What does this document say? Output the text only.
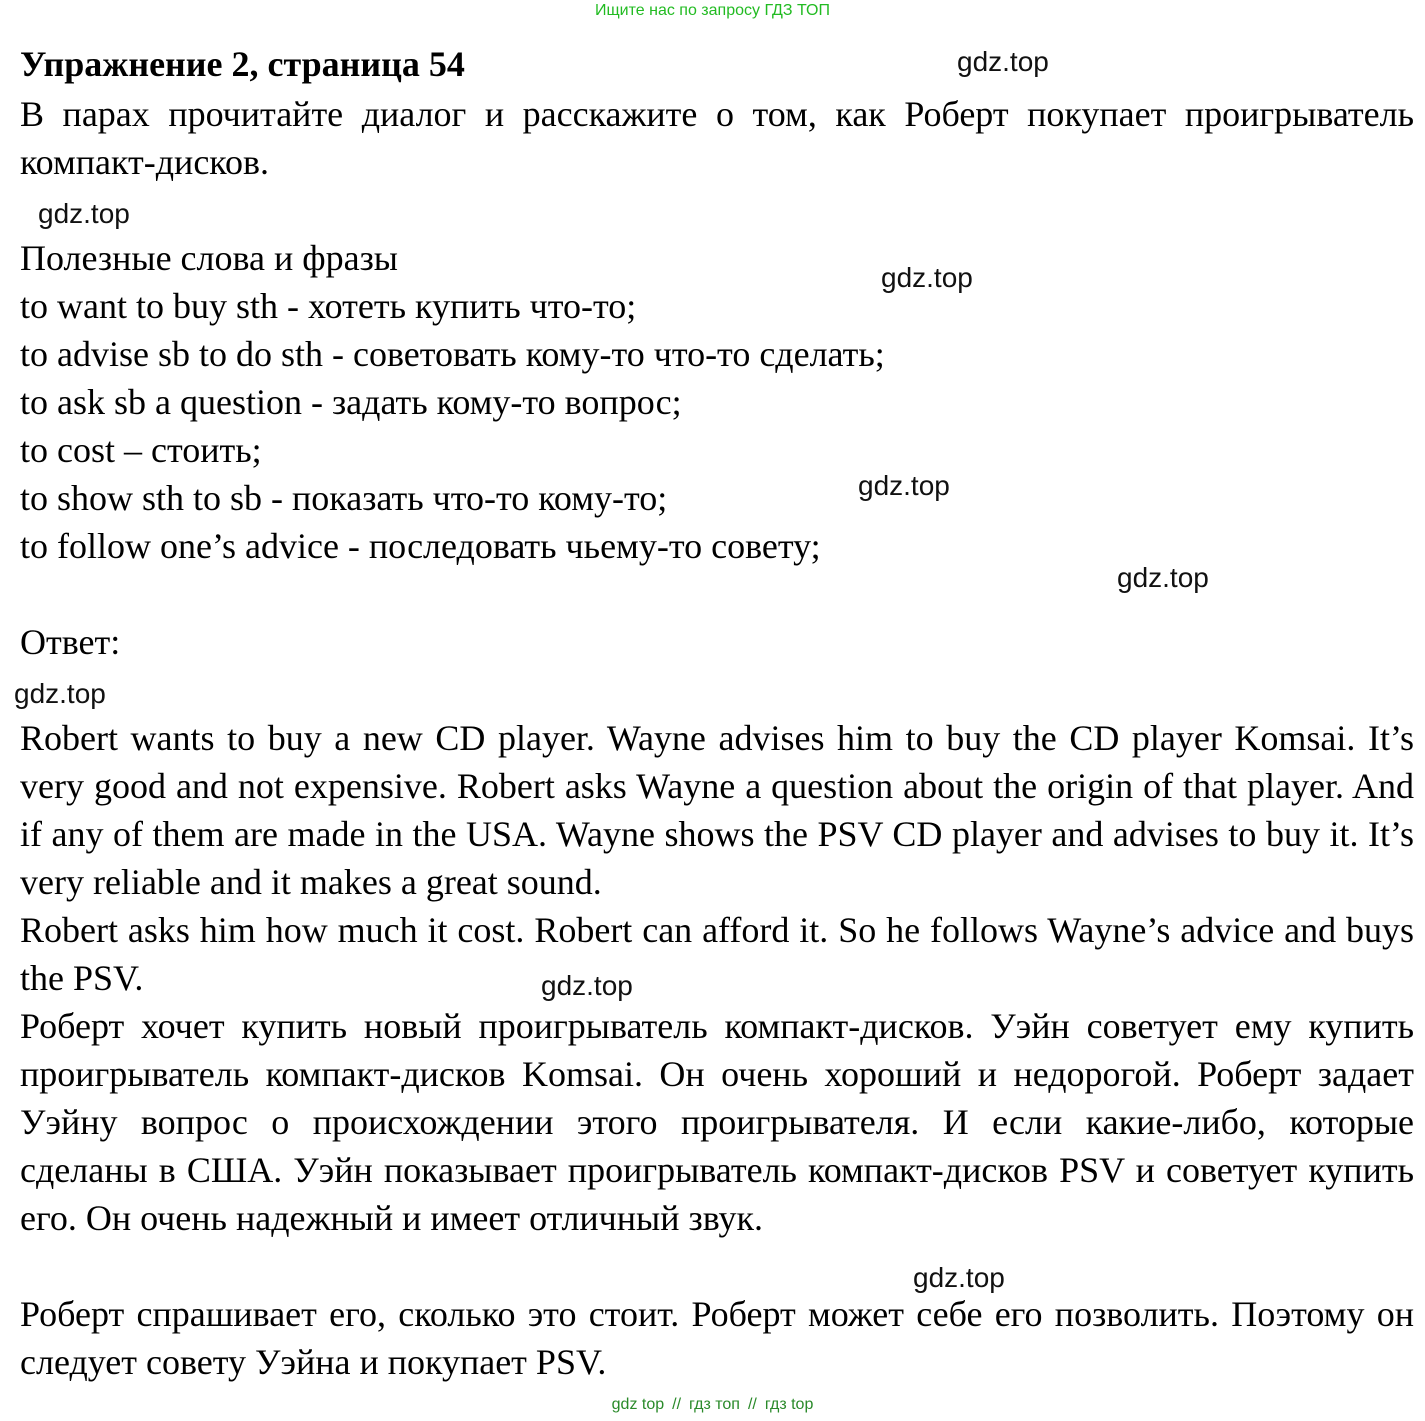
Ищите нас по запросу ГДЗ ТОП
Упражнение 2, страница 54

В парах прочитайте диалог и расскажите о том, как Роберт покупает проигрыватель компакт-дисков.

Полезные слова и фразы
to want to buy sth - хотеть купить что-то;
to advise sb to do sth - советовать кому-то что-то сделать;
to ask sb a question - задать кому-то вопрос;
to cost – стоить;
to show sth to sb - показать что-то кому-то;
to follow one’s advice - последовать чьему-то совету;
Ответ:

Robert wants to buy a new CD player. Wayne advises him to buy the CD player Komsai. It’s very good and not expensive. Robert asks Wayne a question about the origin of that player. And if any of them are made in the USA. Wayne shows the PSV CD player and advises to buy it. It’s very reliable and it makes a great sound.

Robert asks him how much it cost. Robert can afford it. So he follows Wayne’s advice and buys the PSV.

Роберт хочет купить новый проигрыватель компакт-дисков. Уэйн советует ему купить проигрыватель компакт-дисков Komsai. Он очень хороший и недорогой. Роберт задает Уэйну вопрос о происхождении этого проигрывателя. И если какие-либо, которые сделаны в США. Уэйн показывает проигрыватель компакт-дисков PSV и советует купить его. Он очень надежный и имеет отличный звук.

Роберт спрашивает его, сколько это стоит. Роберт может себе его позволить. Поэтому он следует совету Уэйна и покупает PSV.

gdz.top
gdz.top
gdz.top
gdz.top
gdz.top
gdz.top
gdz.top
gdz.top
gdz top // гдз топ // гдз top
